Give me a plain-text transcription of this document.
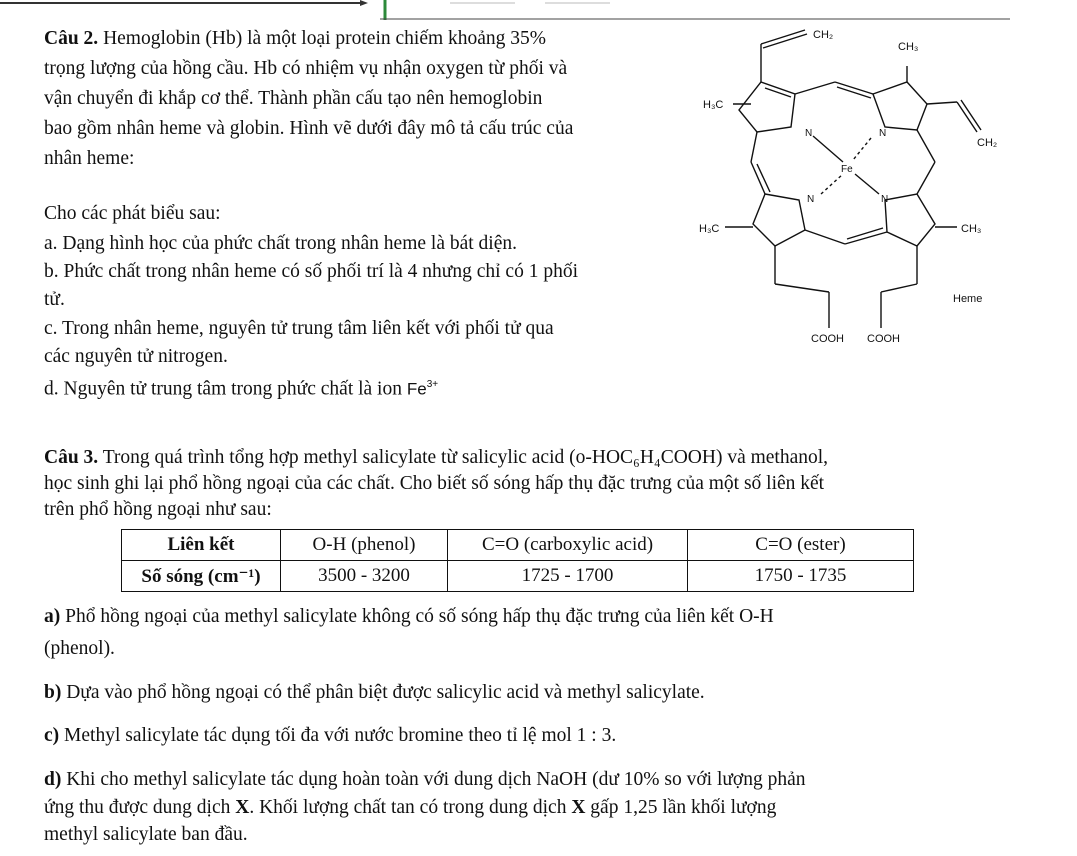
Câu 2. Hemoglobin (Hb) là một loại protein chiếm khoảng 35%
trọng lượng của hồng cầu. Hb có nhiệm vụ nhận oxygen từ phối và
vận chuyển đi khắp cơ thể. Thành phần cấu tạo nên hemoglobin
bao gồm nhân heme và globin. Hình vẽ dưới đây mô tả cấu trúc của
nhân heme:
Cho các phát biểu sau:
a. Dạng hình học của phức chất trong nhân heme là bát diện.
b. Phức chất trong nhân heme có số phối trí là 4 nhưng chỉ có 1 phối
tử.
c. Trong nhân heme, nguyên tử trung tâm liên kết với phối tử qua
các nguyên tử nitrogen.
d. Nguyên tử trung tâm trong phức chất là ion $Fe^{3+}$
CH₂
CH₃
H₃C
CH₂
N	N
Fe
N	N
H₃C	CH₃
Heme
COOH COOH
Câu 3. Trong quá trình tổng hợp methyl salicylate từ salicylic acid (o-HOC₆H₄COOH) và methanol,
học sinh ghi lại phổ hồng ngoại của các chất. Cho biết số sóng hấp thụ đặc trưng của một số liên kết
trên phổ hồng ngoại như sau:
Liên kết	O-H (phenol)	C=O (carboxylic acid)	C=O (ester)
Số sóng (cm⁻¹)	3500 - 3200	1725 - 1700	1750 - 1735
a) Phổ hồng ngoại của methyl salicylate không có số sóng hấp thụ đặc trưng của liên kết O-H
(phenol).
b) Dựa vào phổ hồng ngoại có thể phân biệt được salicylic acid và methyl salicylate.
c) Methyl salicylate tác dụng tối đa với nước bromine theo tỉ lệ mol 1 : 3.
d) Khi cho methyl salicylate tác dụng hoàn toàn với dung dịch NaOH (dư 10% so với lượng phản
ứng thu được dung dịch X. Khối lượng chất tan có trong dung dịch X gấp 1,25 lần khối lượng
methyl salicylate ban đầu.
